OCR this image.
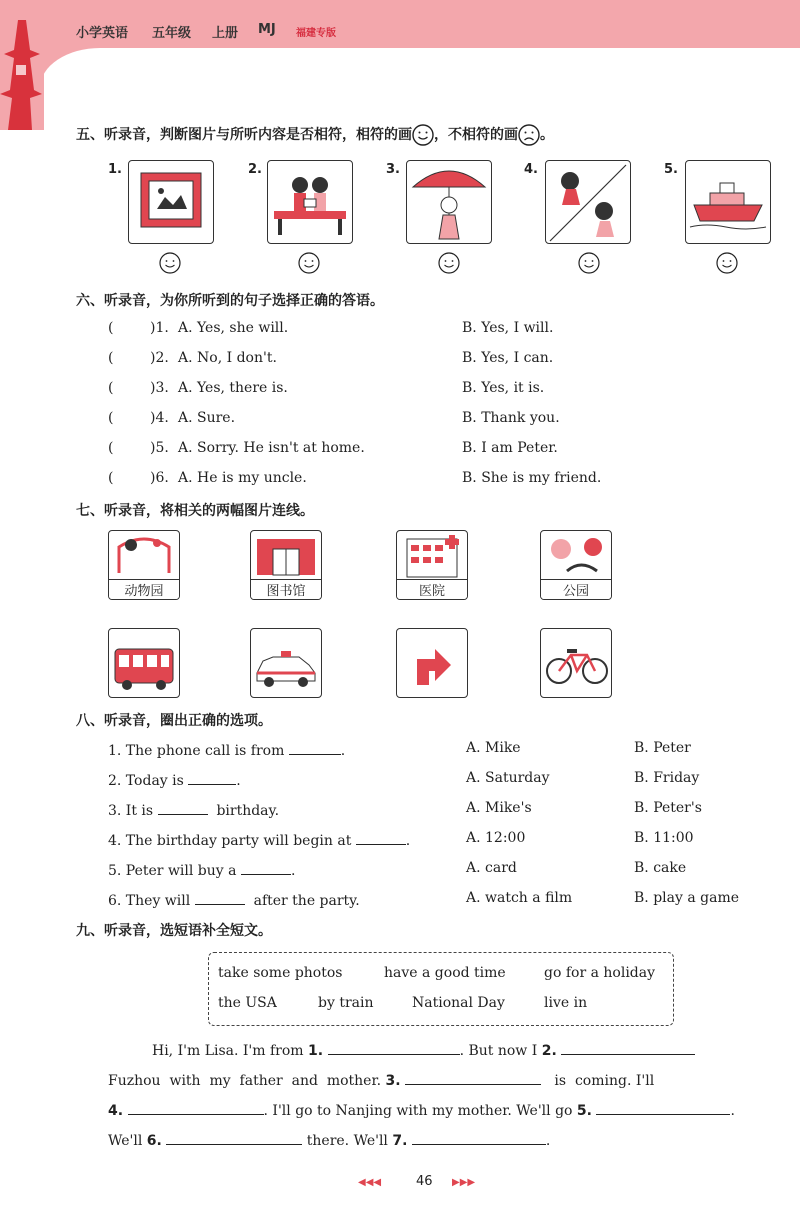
小学英语 五年级 上册 MJ 福建专版
五、听录音，判断图片与所听内容是否相符，相符的画 ，不相符的画 。
1.	2.	3.	4.	5.
六、听录音，为你所听到的句子选择正确的答语。
(	)1. A. Yes, she will.	B. Yes, I will.
(	)2. A. No, I don't.	B. Yes, I can.
(	)3. A. Yes, there is.	B. Yes, it is.
(	)4. A. Sure.	B. Thank you.
(	)5. A. Sorry. He isn't at home.	B. I am Peter.
(	)6. A. He is my uncle.	B. She is my friend.
七、听录音，将相关的两幅图片连线。
动物园	图书馆	医院	公园
八、听录音，圈出正确的选项。
1. The phone call is from	.	A. Mike	B. Peter
2. Today is	.	A. Saturday	B. Friday
3. It is	birthday.	A. Mike's	B. Peter's
4. The birthday party will begin at	.	A. 12:00	B. 11:00
5. Peter will buy a	.	A. card	B. cake
6. They will	after the party.	A. watch a film	B. play a game
九、听录音，选短语补全短文。
take some photos	have a good time	go for a holiday
the USA	by train	National Day	live in
Hi, I'm Lisa. I'm from 1.	. But now I 2.
Fuzhou  with  my  father  and  mother. 3.	is  coming. I'll
4.	. I'll go to Nanjing with my mother. We'll go 5.	.
We'll 6.	there. We'll 7.	.
◀◀◀	46 ▶▶▶
